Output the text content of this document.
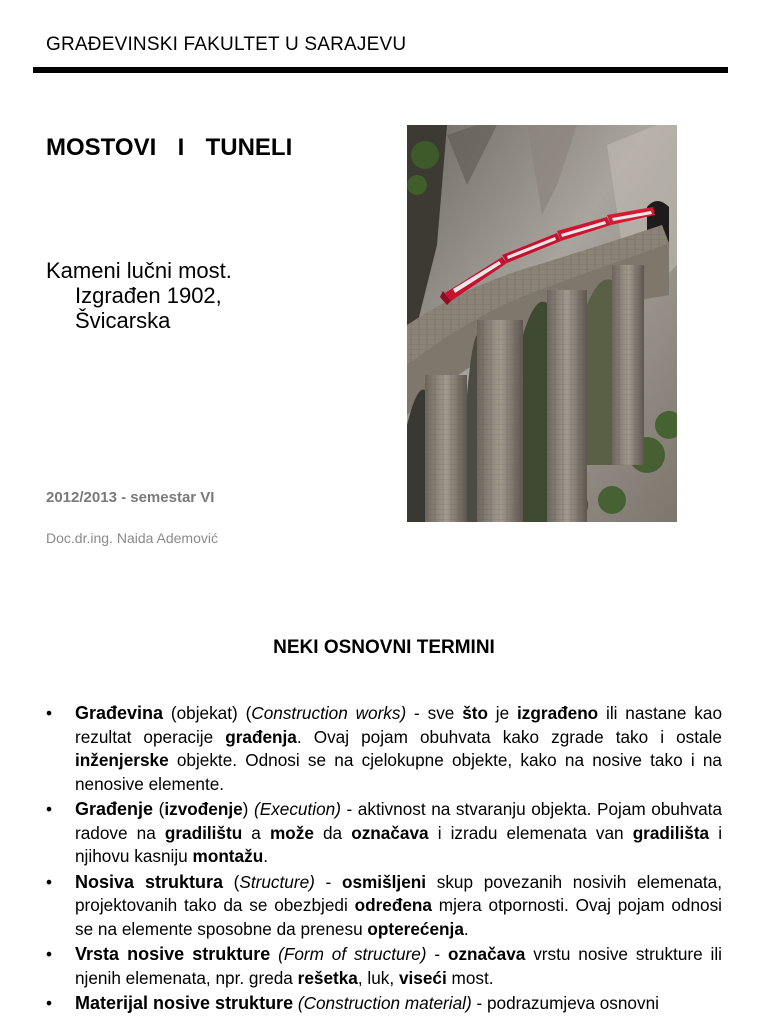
GRAĐEVINSKI FAKULTET U SARAJEVU
MOSTOVI  I  TUNELI
Kameni lučni most.
Izgrađen 1902,
Švicarska
2012/2013 - semestar VI
Doc.dr.ing. Naida Ademović
NEKI OSNOVNI TERMINI
• Građevina (objekat) (Construction works) - sve što je izgrađeno ili nastane kao rezultat operacije građenja. Ovaj pojam obuhvata kako zgrade tako i ostale inženjerske objekte. Odnosi se na cjelokupne objekte, kako na nosive tako i na nenosive elemente.
• Građenje (izvođenje) (Execution) - aktivnost na stvaranju objekta. Pojam obuhvata radove na gradilištu a može da označava i izradu elemenata van gradilišta i njihovu kasniju montažu.
• Nosiva struktura (Structure) - osmišljeni skup povezanih nosivih elemenata, projektovanih tako da se obezbjedi određena mjera otpornosti. Ovaj pojam odnosi se na elemente sposobne da prenesu opterećenja.
• Vrsta nosive strukture (Form of structure) - označava vrstu nosive strukture ili njenih elemenata, npr. greda rešetka, luk, viseći most.
• Materijal nosive strukture (Construction material) - podrazumjeva osnovni
